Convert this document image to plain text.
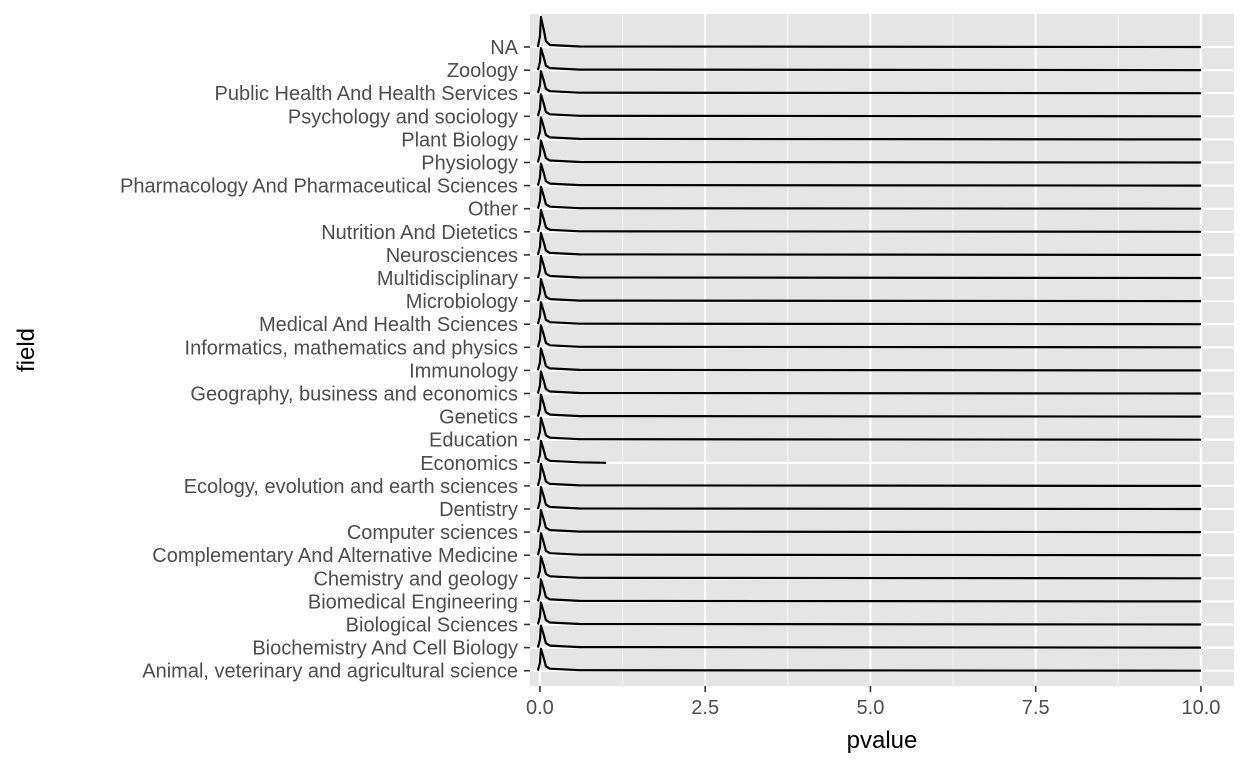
Animal, veterinary and agricultural science
Biochemistry And Cell Biology
Biological Sciences
Biomedical Engineering
Chemistry and geology
Complementary And Alternative Medicine
Computer sciences
Dentistry
Ecology, evolution and earth sciences
Economics
Education
Genetics
Geography, business and economics
Immunology
Informatics, mathematics and physics
Medical And Health Sciences
Microbiology
Multidisciplinary
Neurosciences
Nutrition And Dietetics
Other
Pharmacology And Pharmaceutical Sciences
Physiology
Plant Biology
Psychology and sociology
Public Health And Health Services
Zoology
NA
0.0	2.5	5.0	7.5	10.0
pvalue
field
